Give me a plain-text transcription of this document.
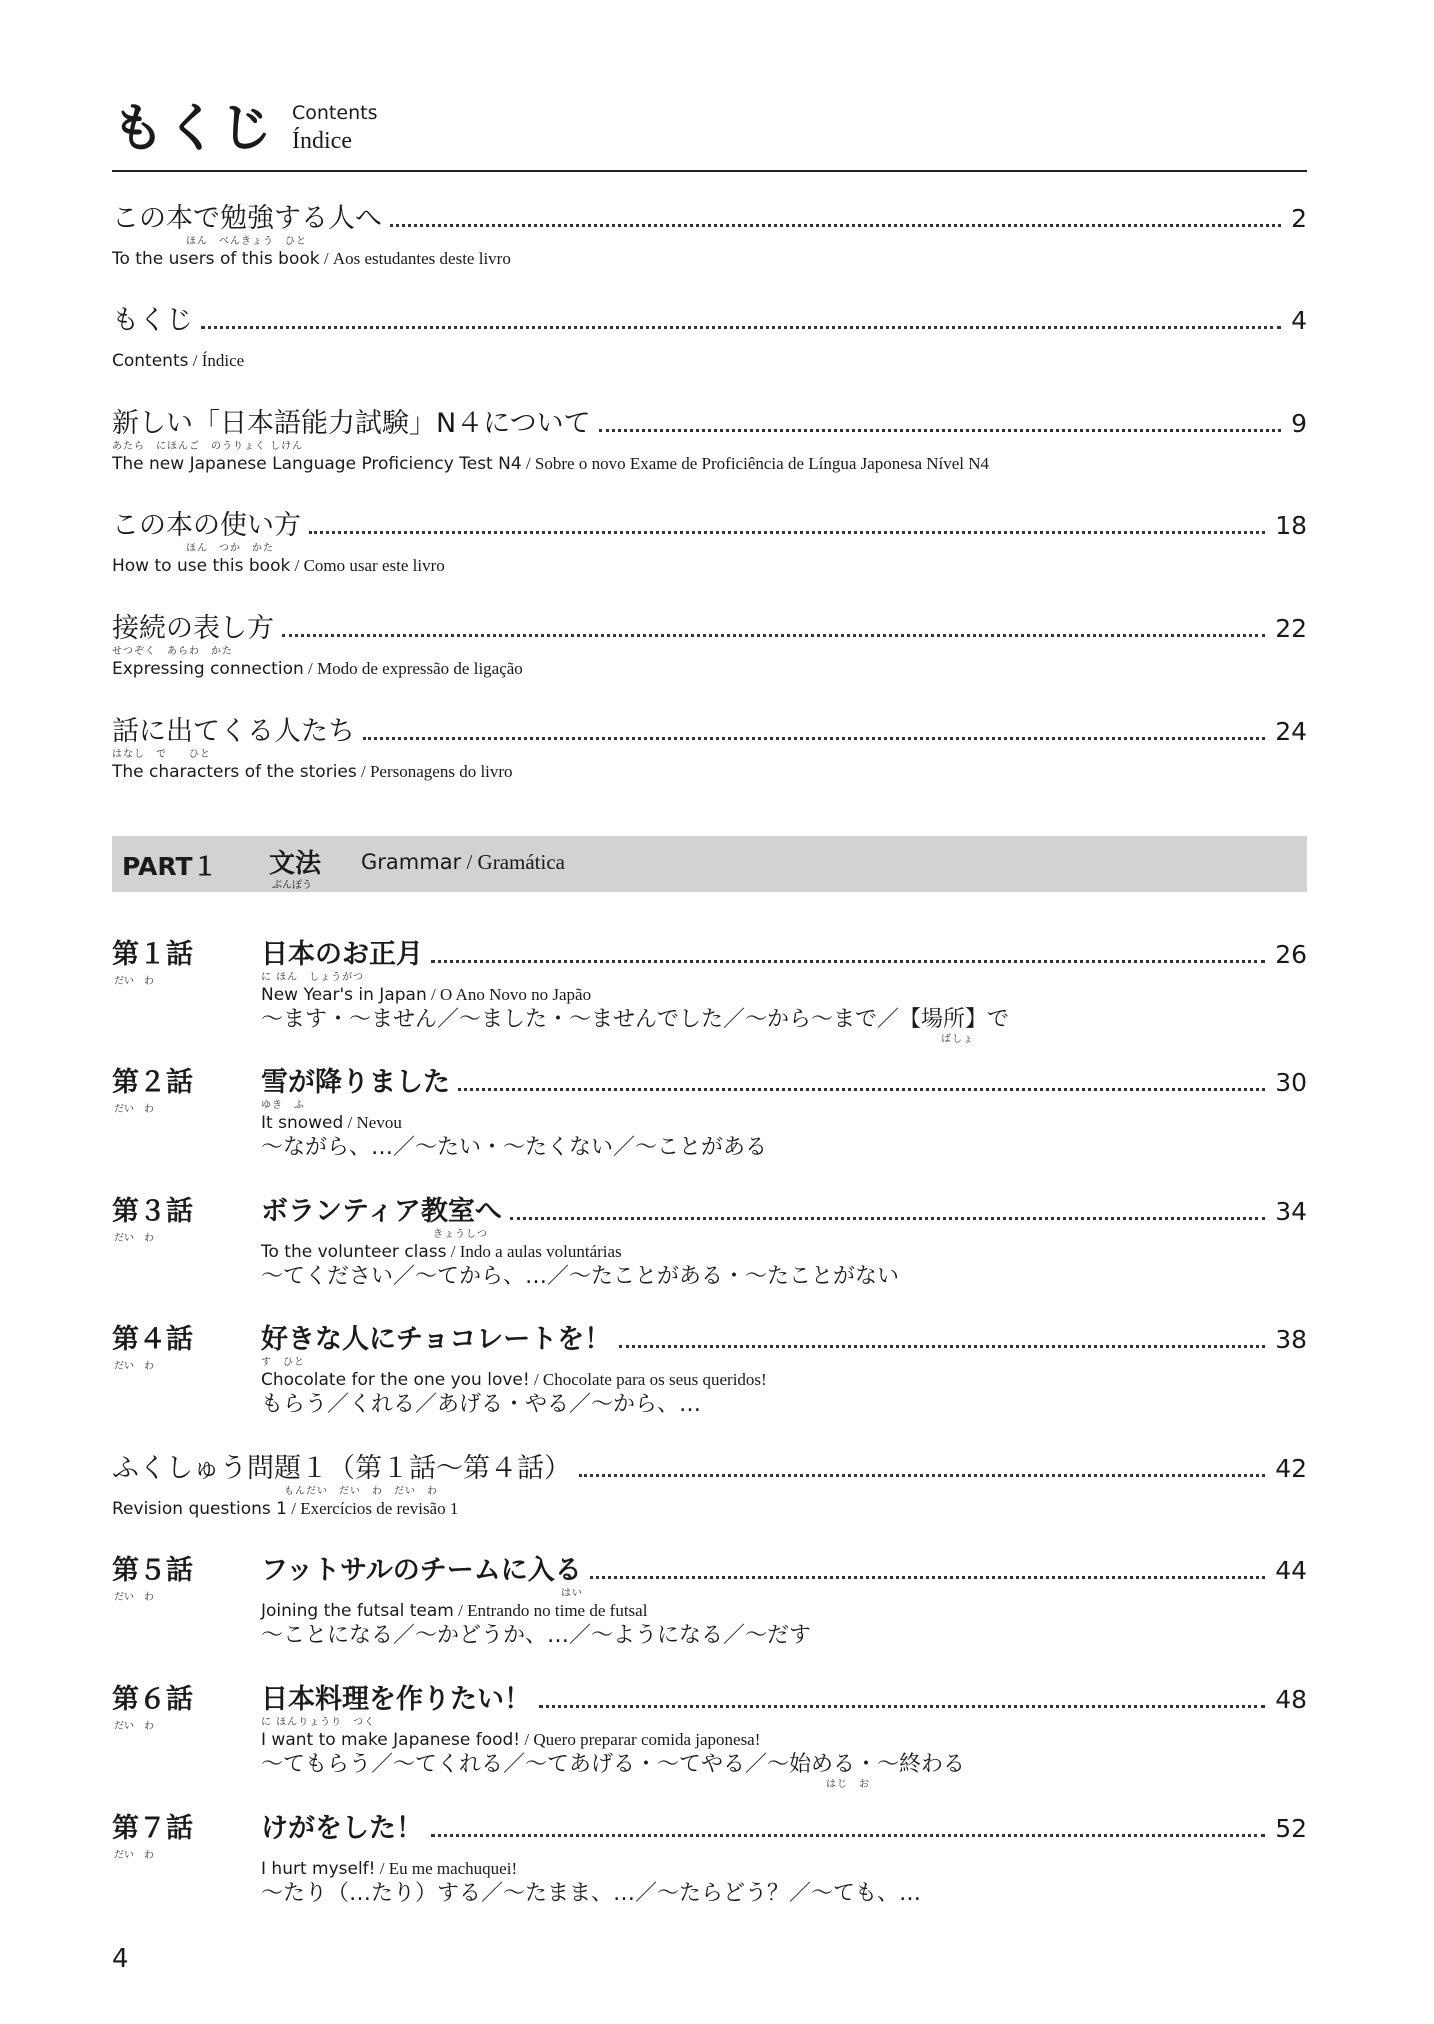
もくじ Contents
Índice
この本で勉強する人へ	2
ほん　べんきょう　ひと
To the users of this book / Aos estudantes deste livro
もくじ	4
Contents / Índice
新しい「日本語能力試験」N４について	9
あたら　にほんご　のうりょく しけん
The new Japanese Language Proficiency Test N4 / Sobre o novo Exame de Proficiência de Língua Japonesa Nível N4
この本の使い方	18
ほん　つか　かた
How to use this book / Como usar este livro
接続の表し方	22
せつぞく　あらわ　かた
Expressing connection / Modo de expressão de ligação
話に出てくる人たち	24
はなし　で　　ひと
The characters of the stories / Personagens do livro
PART１ 文法
ぶんぽう
Grammar / Gramática
第１話
だい　わ
日本のお正月	26
に ほん　しょうがつ
New Year's in Japan / O Ano Novo no Japão
～ます・～ません／～ました・～ませんでした／～から～まで／【場所】で
ばしょ
第２話
だい　わ
雪が降りました	30
ゆき　ふ
It snowed / Nevou
～ながら、…／～たい・～たくない／～ことがある
第３話
だい　わ
ボランティア教室へ	34
きょうしつ
To the volunteer class / Indo a aulas voluntárias
～てください／～てから、…／～たことがある・～たことがない
第４話
だい　わ
好きな人にチョコレートを！	38
す　ひと
Chocolate for the one you love! / Chocolate para os seus queridos!
もらう／くれる／あげる・やる／～から、…
ふくしゅう問題１（第１話～第４話）	42
もんだい　だい　わ　だい　わ
Revision questions 1 / Exercícios de revisão 1
第５話
だい　わ
フットサルのチームに入る	44
はい
Joining the futsal team / Entrando no time de futsal
～ことになる／～かどうか、…／～ようになる／～だす
第６話
だい　わ
日本料理を作りたい！	48
に ほんりょうり　つく
I want to make Japanese food! / Quero preparar comida japonesa!
～てもらう／～てくれる／～てあげる・～てやる／～始める・～終わる
はじ　お
第７話
だい　わ
けがをした！	52
I hurt myself! / Eu me machuquei!
～たり（…たり）する／～たまま、…／～たらどう？／～ても、…
4
